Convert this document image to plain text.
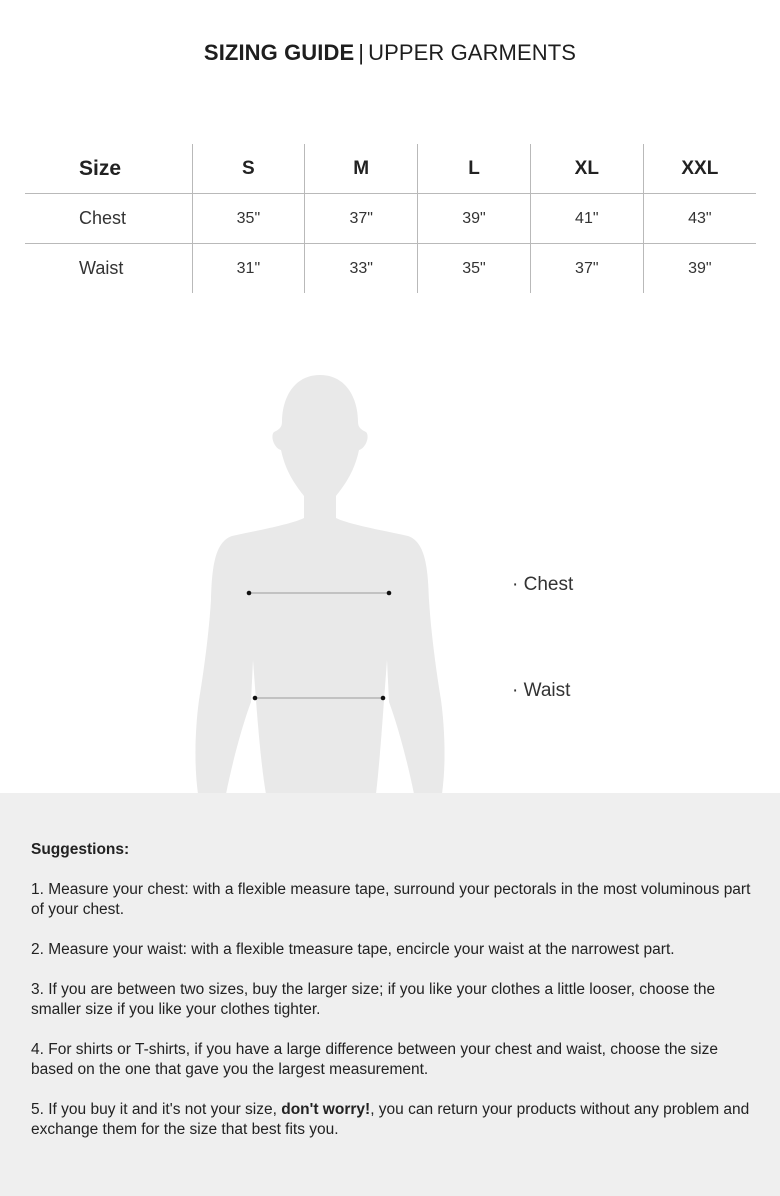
SIZING GUIDE | UPPER GARMENTS
Size	S	M	L	XL	XXL
Chest	35"	37"	39"	41"	43"
Waist	31"	33"	35"	37"	39"
· Chest
· Waist
Suggestions:
1. Measure your chest: with a flexible measure tape, surround your pectorals in the most voluminous part of your chest.
2. Measure your waist: with a flexible tmeasure tape, encircle your waist at the narrowest part.
3. If you are between two sizes, buy the larger size; if you like your clothes a little looser, choose the smaller size if you like your clothes tighter.
4. For shirts or T-shirts, if you have a large difference between your chest and waist, choose the size based on the one that gave you the largest measurement.
5. If you buy it and it's not your size, don't worry!, you can return your products without any problem and exchange them for the size that best fits you.
